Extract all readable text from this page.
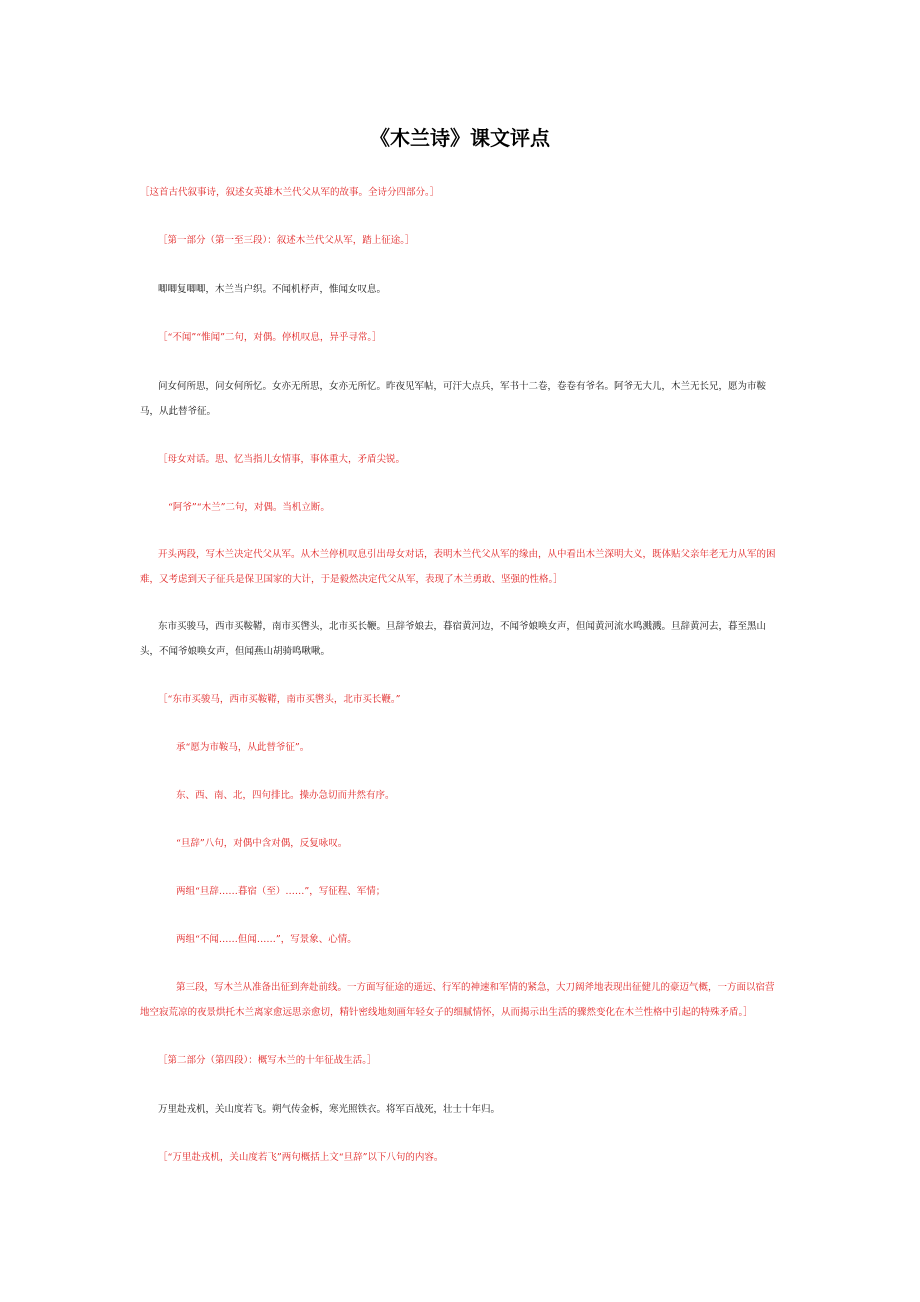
《木兰诗》课文评点
［这首古代叙事诗，叙述女英雄木兰代父从军的故事。全诗分四部分。］
［第一部分（第一至三段）：叙述木兰代父从军，踏上征途。］
唧唧复唧唧，木兰当户织。不闻机杼声，惟闻女叹息。
［“不闻”“惟闻”二句，对偶。停机叹息，异乎寻常。］
问女何所思，问女何所忆。女亦无所思，女亦无所忆。昨夜见军帖，可汗大点兵，军书十二卷，卷卷有爷名。阿爷无大儿，木兰无长兄，愿为市鞍马，从此替爷征。
［母女对话。思、忆当指儿女情事，事体重大，矛盾尖锐。
“阿爷”“木兰”二句，对偶。当机立断。
开头两段，写木兰决定代父从军。从木兰停机叹息引出母女对话，表明木兰代父从军的缘由，从中看出木兰深明大义，既体贴父亲年老无力从军的困难，又考虑到天子征兵是保卫国家的大计，于是毅然决定代父从军，表现了木兰勇敢、坚强的性格。］
东市买骏马，西市买鞍鞯，南市买辔头，北市买长鞭。旦辞爷娘去，暮宿黄河边，不闻爷娘唤女声，但闻黄河流水鸣溅溅。旦辞黄河去，暮至黑山头，不闻爷娘唤女声，但闻燕山胡骑鸣啾啾。
［“东市买骏马，西市买鞍鞯，南市买辔头，北市买长鞭。”
承“愿为市鞍马，从此替爷征”。
东、西、南、北，四句排比。操办急切而井然有序。
“旦辞”八句，对偶中含对偶，反复咏叹。
两组“旦辞……暮宿（至）……”，写征程、军情；
两组“不闻……但闻……”，写景象、心情。
第三段，写木兰从准备出征到奔赴前线。一方面写征途的遥远、行军的神速和军情的紧急，大刀阔斧地表现出征健儿的豪迈气概，一方面以宿营地空寂荒凉的夜景烘托木兰离家愈远思亲愈切，精针密线地刻画年轻女子的细腻情怀，从而揭示出生活的骤然变化在木兰性格中引起的特殊矛盾。］
［第二部分（第四段）：概写木兰的十年征战生活。］
万里赴戎机，关山度若飞。朔气传金柝，寒光照铁衣。将军百战死，壮士十年归。
［“万里赴戎机，关山度若飞”两句概括上文“旦辞”以下八句的内容。
